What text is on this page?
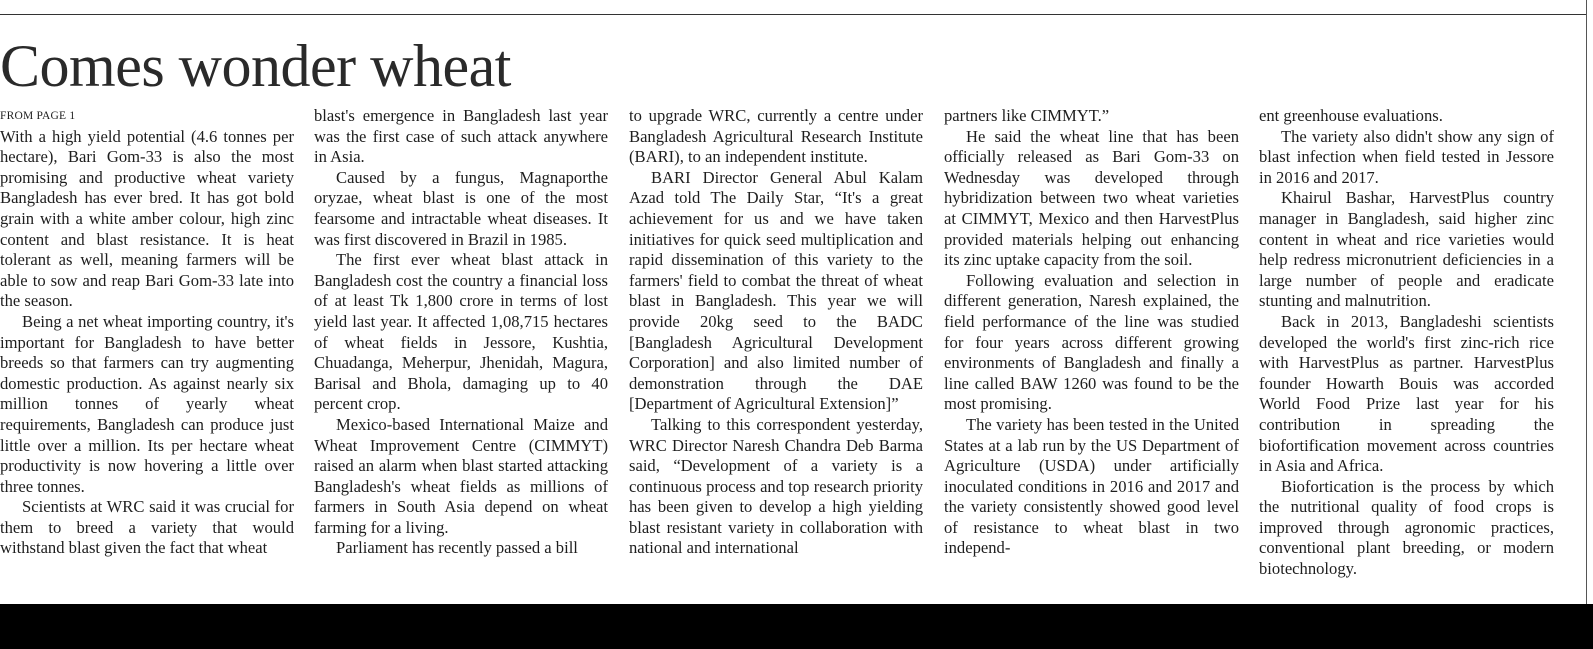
Comes wonder wheat
FROM PAGE 1

With a high yield potential (4.6 tonnes per hectare), Bari Gom-33 is also the most promising and productive wheat variety Bangladesh has ever bred. It has got bold grain with a white amber colour, high zinc content and blast resistance. It is heat tolerant as well, meaning farmers will be able to sow and reap Bari Gom-33 late into the season.

Being a net wheat importing country, it's important for Bangladesh to have better breeds so that farmers can try augmenting domestic production. As against nearly six million tonnes of yearly wheat requirements, Bangladesh can produce just little over a million. Its per hectare wheat productivity is now hovering a little over three tonnes.

Scientists at WRC said it was crucial for them to breed a variety that would withstand blast given the fact that wheat

blast's emergence in Bangladesh last year was the first case of such attack anywhere in Asia.

Caused by a fungus, Magnaporthe oryzae, wheat blast is one of the most fearsome and intractable wheat diseases. It was first discovered in Brazil in 1985.

The first ever wheat blast attack in Bangladesh cost the country a financial loss of at least Tk 1,800 crore in terms of lost yield last year. It affected 1,08,715 hectares of wheat fields in Jessore, Kushtia, Chuadanga, Meherpur, Jhenidah, Magura, Barisal and Bhola, damaging up to 40 percent crop.

Mexico-based International Maize and Wheat Improvement Centre (CIMMYT) raised an alarm when blast started attacking Bangladesh's wheat fields as millions of farmers in South Asia depend on wheat farming for a living.

Parliament has recently passed a bill

to upgrade WRC, currently a centre under Bangladesh Agricultural Research Institute (BARI), to an independent institute.

BARI Director General Abul Kalam Azad told The Daily Star, “It's a great achievement for us and we have taken initiatives for quick seed multiplication and rapid dissemination of this variety to the farmers' field to combat the threat of wheat blast in Bangladesh. This year we will provide 20kg seed to the BADC [Bangladesh Agricultural Development Corporation] and also limited number of demonstration through the DAE [Department of Agricultural Extension]”

Talking to this correspondent yesterday, WRC Director Naresh Chandra Deb Barma said, “Development of a variety is a continuous process and top research priority has been given to develop a high yielding blast resistant variety in collaboration with national and international

partners like CIMMYT.”

He said the wheat line that has been officially released as Bari Gom-33 on Wednesday was developed through hybridization between two wheat varieties at CIMMYT, Mexico and then HarvestPlus provided materials helping out enhancing its zinc uptake capacity from the soil.

Following evaluation and selection in different generation, Naresh explained, the field performance of the line was studied for four years across different growing environments of Bangladesh and finally a line called BAW 1260 was found to be the most promising.

The variety has been tested in the United States at a lab run by the US Department of Agriculture (USDA) under artificially inoculated conditions in 2016 and 2017 and the variety consistently showed good level of resistance to wheat blast in two independ-

ent greenhouse evaluations.

The variety also didn't show any sign of blast infection when field tested in Jessore in 2016 and 2017.

Khairul Bashar, HarvestPlus country manager in Bangladesh, said higher zinc content in wheat and rice varieties would help redress micronutrient deficiencies in a large number of people and eradicate stunting and malnutrition.

Back in 2013, Bangladeshi scientists developed the world's first zinc-rich rice with HarvestPlus as partner. HarvestPlus founder Howarth Bouis was accorded World Food Prize last year for his contribution in spreading the biofortification movement across countries in Asia and Africa.

Biofortication is the process by which the nutritional quality of food crops is improved through agronomic practices, conventional plant breeding, or modern biotechnology.
